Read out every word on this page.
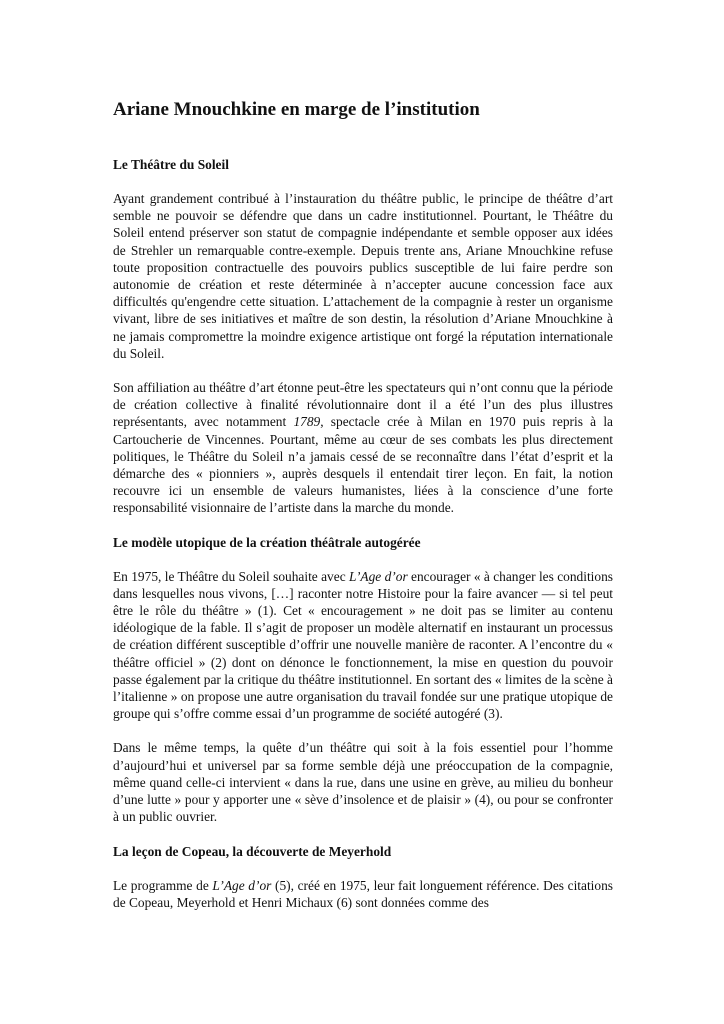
Ariane Mnouchkine en marge de l’institution
Le Théâtre du Soleil

Ayant grandement contribué à l’instauration du théâtre public, le principe de théâtre d’art semble ne pouvoir se défendre que dans un cadre institutionnel. Pourtant, le Théâtre du Soleil entend préserver son statut de compagnie indépendante et semble opposer aux idées de Strehler un remarquable contre-exemple. Depuis trente ans, Ariane Mnouchkine refuse toute proposition contractuelle des pouvoirs publics susceptible de lui faire perdre son autonomie de création et reste déterminée à n’accepter aucune concession face aux difficultés qu'engendre cette situation. L’attachement de la compagnie à rester un organisme vivant, libre de ses initiatives et maître de son destin, la résolution d’Ariane Mnouchkine à ne jamais compromettre la moindre exigence artistique ont forgé la réputation internationale du Soleil.

Son affiliation au théâtre d’art étonne peut-être les spectateurs qui n’ont connu que la période de création collective à finalité révolutionnaire dont il a été l’un des plus illustres représentants, avec notamment 1789, spectacle crée à Milan en 1970 puis repris à la Cartoucherie de Vincennes. Pourtant, même au cœur de ses combats les plus directement politiques, le Théâtre du Soleil n’a jamais cessé de se reconnaître dans l’état d’esprit et la démarche des « pionniers », auprès desquels il entendait tirer leçon. En fait, la notion recouvre ici un ensemble de valeurs humanistes, liées à la conscience d’une forte responsabilité visionnaire de l’artiste dans la marche du monde.

Le modèle utopique de la création théâtrale autogérée

En 1975, le Théâtre du Soleil souhaite avec L’Age d’or encourager « à changer les conditions dans lesquelles nous vivons, […] raconter notre Histoire pour la faire avancer — si tel peut être le rôle du théâtre » (1). Cet « encouragement » ne doit pas se limiter au contenu idéologique de la fable. Il s’agit de proposer un modèle alternatif en instaurant un processus de création différent susceptible d’offrir une nouvelle manière de raconter. A l’encontre du « théâtre officiel » (2) dont on dénonce le fonctionnement, la mise en question du pouvoir passe également par la critique du théâtre institutionnel. En sortant des « limites de la scène à l’italienne » on propose une autre organisation du travail fondée sur une pratique utopique de groupe qui s’offre comme essai d’un programme de société autogéré (3).

Dans le même temps, la quête d’un théâtre qui soit à la fois essentiel pour l’homme d’aujourd’hui et universel par sa forme semble déjà une préoccupation de la compagnie, même quand celle-ci intervient « dans la rue, dans une usine en grève, au milieu du bonheur d’une lutte » pour y apporter une « sève d’insolence et de plaisir » (4), ou pour se confronter à un public ouvrier.

La leçon de Copeau, la découverte de Meyerhold

Le programme de L’Age d’or (5), créé en 1975, leur fait longuement référence. Des citations de Copeau, Meyerhold et Henri Michaux (6) sont données comme des
